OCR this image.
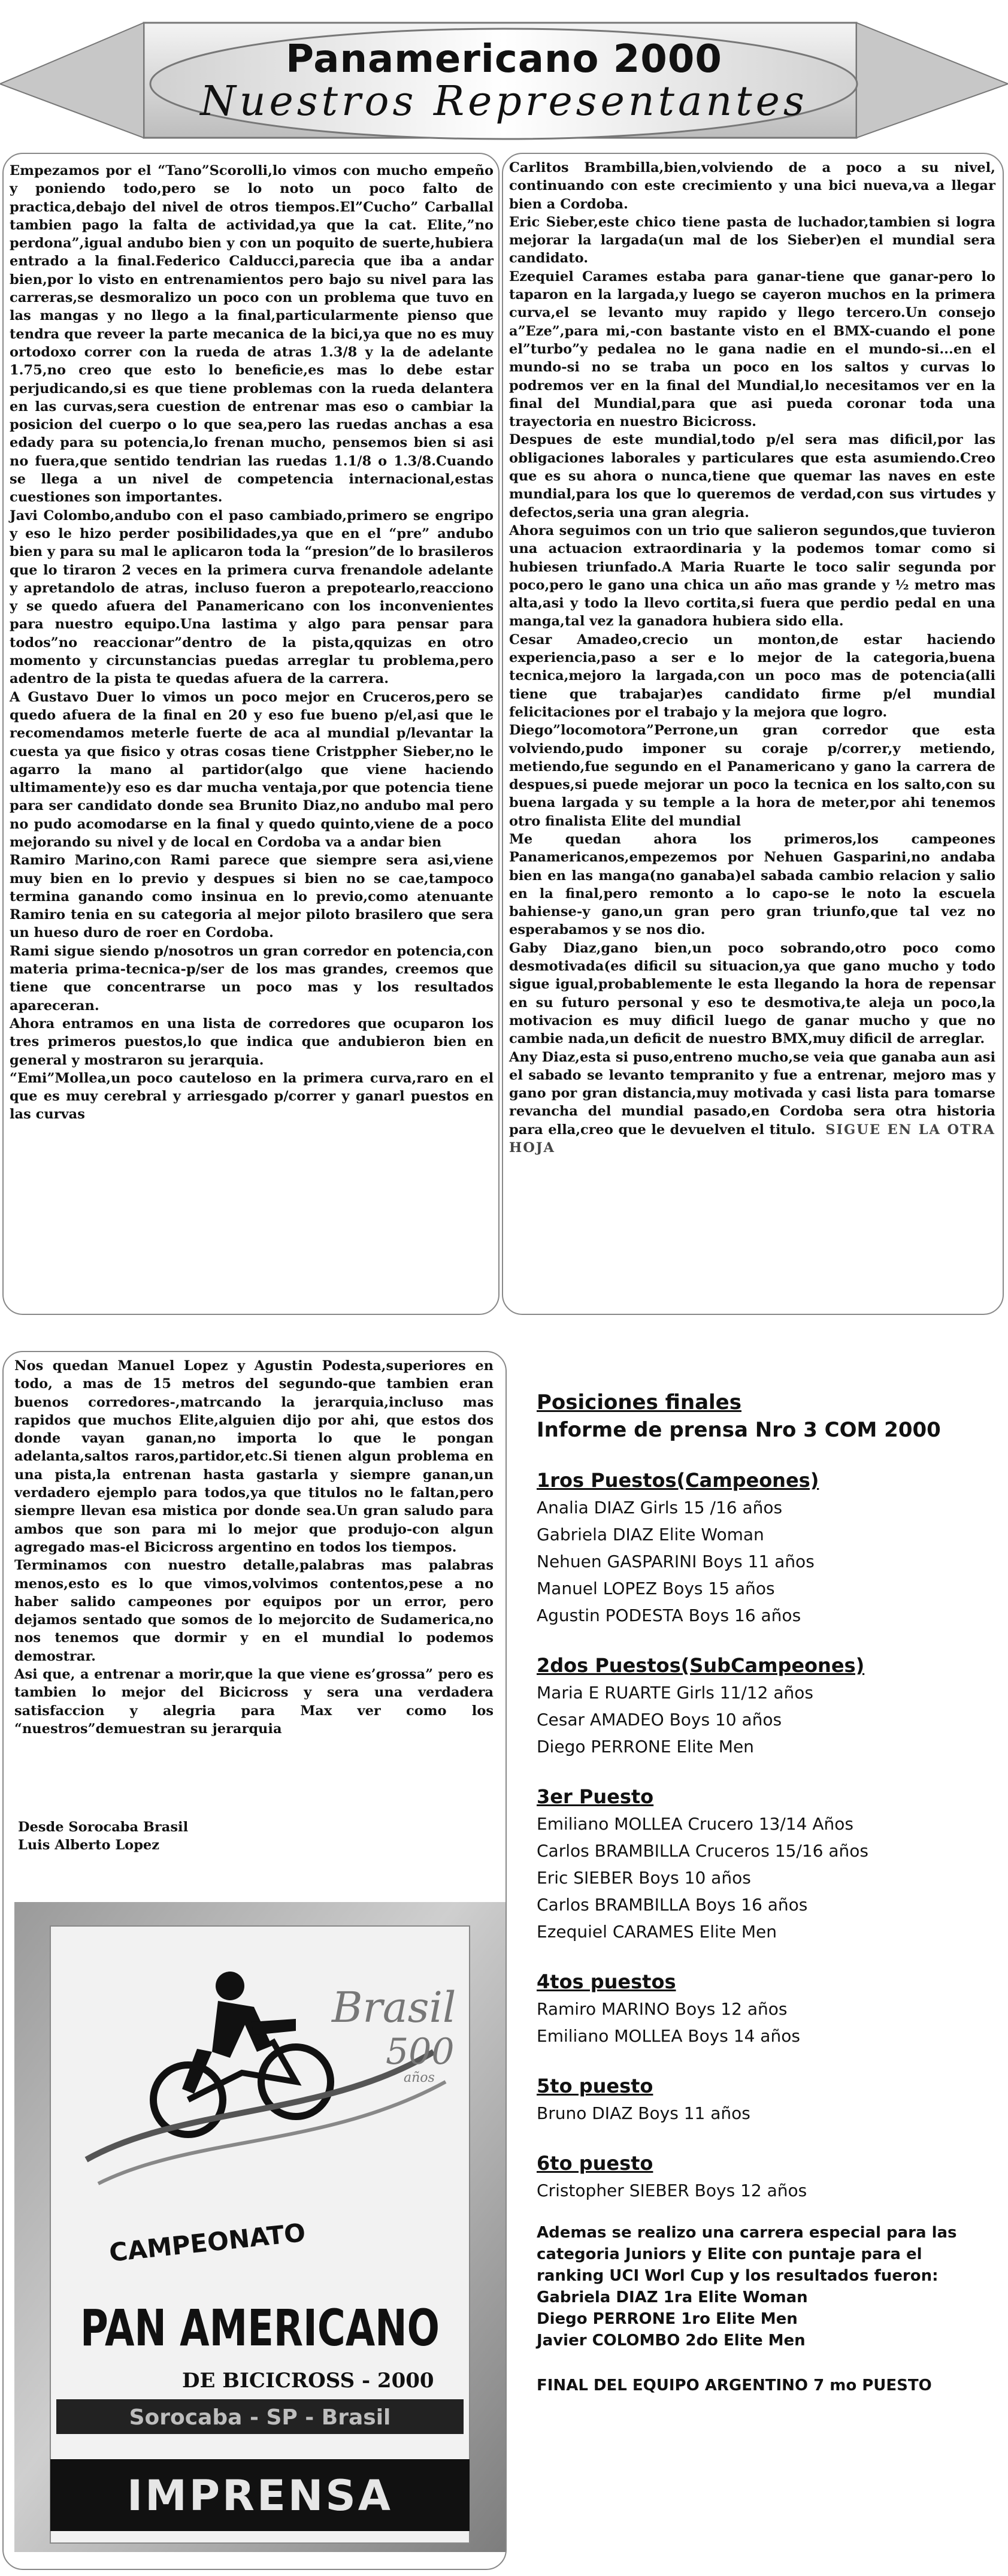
Panamericano 2000
Nuestros Representantes

Empezamos por el “Tano”Scorolli,lo vimos con mucho empeño y poniendo todo,pero se lo noto un poco falto de practica,debajo del nivel de otros tiempos.El”Cucho” Carballal tambien pago la falta de actividad,ya que la cat. Elite,”no perdona”,igual andubo bien y con un poquito de suerte,hubiera entrado a la final.Federico Calducci,parecia que iba a andar bien,por lo visto en entrenamientos pero bajo su nivel para las carreras,se desmoralizo un poco con un problema que tuvo en las mangas y no llego a la final,particularmente pienso que tendra que reveer la parte mecanica de la bici,ya que no es muy ortodoxo correr con la rueda de atras 1.3/8 y la de adelante 1.75,no creo que esto lo beneficie,es mas lo debe estar perjudicando,si es que tiene problemas con la rueda delantera en las curvas,sera cuestion de entrenar mas eso o cambiar la posicion del cuerpo o lo que sea,pero las ruedas anchas a esa edady para su potencia,lo frenan mucho, pensemos bien si asi no fuera,que sentido tendrian las ruedas 1.1/8 o 1.3/8.Cuando se llega a un nivel de competencia internacional,estas cuestiones son importantes.

Javi Colombo,andubo con el paso cambiado,primero se engripo y eso le hizo perder posibilidades,ya que en el “pre” andubo bien y para su mal le aplicaron toda la “presion”de lo brasileros que lo tiraron 2 veces en la primera curva frenandole adelante y apretandolo de atras, incluso fueron a prepotearlo,reacciono y se quedo afuera del Panamericano con los inconvenientes para nuestro equipo.Una lastima y algo para pensar para todos”no reaccionar”dentro de la pista,qquizas en otro momento y circunstancias puedas arreglar tu problema,pero adentro de la pista te quedas afuera de la carrera.

A Gustavo Duer lo vimos un poco mejor en Cruceros,pero se quedo afuera de la final en 20 y eso fue bueno p/el,asi que le recomendamos meterle fuerte de aca al mundial p/levantar la cuesta ya que fisico y otras cosas tiene Cristppher Sieber,no le agarro la mano al partidor(algo que viene haciendo ultimamente)y eso es dar mucha ventaja,por que potencia tiene para ser candidato donde sea Brunito Diaz,no andubo mal pero no pudo acomodarse en la final y quedo quinto,viene de a poco mejorando su nivel y de local en Cordoba va a andar bien

Ramiro Marino,con Rami parece que siempre sera asi,viene muy bien en lo previo y despues si bien no se cae,tampoco termina ganando como insinua en lo previo,como atenuante Ramiro tenia en su categoria al mejor piloto brasilero que sera un hueso duro de roer en Cordoba.

Rami sigue siendo p/nosotros un gran corredor en potencia,con materia prima-tecnica-p/ser de los mas grandes, creemos que tiene que concentrarse un poco mas y los resultados apareceran.

Ahora entramos en una lista de corredores que ocuparon los tres primeros puestos,lo que indica que andubieron bien en general y mostraron su jerarquia.

“Emi”Mollea,un poco cauteloso en la primera curva,raro en el que es muy cerebral y arriesgado p/correr y ganarl puestos en las curvas

Carlitos Brambilla,bien,volviendo de a poco a su nivel, continuando con este crecimiento y una bici nueva,va a llegar bien a Cordoba.

Eric Sieber,este chico tiene pasta de luchador,tambien si logra mejorar la largada(un mal de los Sieber)en el mundial sera candidato.

Ezequiel Carames estaba para ganar-tiene que ganar-pero lo taparon en la largada,y luego se cayeron muchos en la primera curva,el se levanto muy rapido y llego tercero.Un consejo a”Eze”,para mi,-con bastante visto en el BMX-cuando el pone el”turbo”y pedalea no le gana nadie en el mundo-si...en el mundo-si no se traba un poco en los saltos y curvas lo podremos ver en la final del Mundial,lo necesitamos ver en la final del Mundial,para que asi pueda coronar toda una trayectoria en nuestro Bicicross.

Despues de este mundial,todo p/el sera mas dificil,por las obligaciones laborales y particulares que esta asumiendo.Creo que es su ahora o nunca,tiene que quemar las naves en este mundial,para los que lo queremos de verdad,con sus virtudes y defectos,seria una gran alegria.

Ahora seguimos con un trio que salieron segundos,que tuvieron una actuacion extraordinaria y la podemos tomar como si hubiesen triunfado.A Maria Ruarte le toco salir segunda por poco,pero le gano una chica un año mas grande y ½ metro mas alta,asi y todo la llevo cortita,si fuera que perdio pedal en una manga,tal vez la ganadora hubiera sido ella.

Cesar Amadeo,crecio un monton,de estar haciendo experiencia,paso a ser e lo mejor de la categoria,buena tecnica,mejoro la largada,con un poco mas de potencia(alli tiene que trabajar)es candidato firme p/el mundial felicitaciones por el trabajo y la mejora que logro.

Diego”locomotora”Perrone,un gran corredor que esta volviendo,pudo imponer su coraje p/correr,y metiendo, metiendo,fue segundo en el Panamericano y gano la carrera de despues,si puede mejorar un poco la tecnica en los salto,con su buena largada y su temple a la hora de meter,por ahi tenemos otro finalista Elite del mundial

Me quedan ahora los primeros,los campeones Panamericanos,empezemos por Nehuen Gasparini,no andaba bien en las manga(no ganaba)el sabada cambio relacion y salio en la final,pero remonto a lo capo-se le noto la escuela bahiense-y gano,un gran pero gran triunfo,que tal vez no esperabamos y se nos dio.

Gaby Diaz,gano bien,un poco sobrando,otro poco como desmotivada(es dificil su situacion,ya que gano mucho y todo sigue igual,probablemente le esta llegando la hora de repensar en su futuro personal y eso te desmotiva,te aleja un poco,la motivacion es muy dificil luego de ganar mucho y que no cambie nada,un deficit de nuestro BMX,muy dificil de arreglar.

Any Diaz,esta si puso,entreno mucho,se veia que ganaba aun asi el sabado se levanto tempranito y fue a entrenar, mejoro mas y gano por gran distancia,muy motivada y casi lista para tomarse revancha del mundial pasado,en Cordoba sera otra historia para ella,creo que le devuelven el titulo. SIGUE EN LA OTRA HOJA

Nos quedan Manuel Lopez y Agustin Podesta,superiores en todo, a mas de 15 metros del segundo-que tambien eran buenos corredores-,matrcando la jerarquia,incluso mas rapidos que muchos Elite,alguien dijo por ahi, que estos dos donde vayan ganan,no importa lo que le pongan adelanta,saltos raros,partidor,etc.Si tienen algun problema en una pista,la entrenan hasta gastarla y siempre ganan,un verdadero ejemplo para todos,ya que titulos no le faltan,pero siempre llevan esa mistica por donde sea.Un gran saludo para ambos que son para mi lo mejor que produjo-con algun agregado mas-el Bicicross argentino en todos los tiempos.

Terminamos con nuestro detalle,palabras mas palabras menos,esto es lo que vimos,volvimos contentos,pese a no haber salido campeones por equipos por un error, pero dejamos sentado que somos de lo mejorcito de Sudamerica,no nos tenemos que dormir y en el mundial lo podemos demostrar.

Asi que, a entrenar a morir,que la que viene es’grossa” pero es tambien lo mejor del Bicicross y sera una verdadera satisfaccion y alegria para Max ver como los “nuestros”demuestran su jerarquia

Desde Sorocaba Brasil
Luis Alberto Lopez
Brasil
500
años
CAMPEONATO
PAN AMERICANO
DE BICICROSS - 2000
Sorocaba - SP - Brasil
IMPRENSA
Posiciones finales
Informe de prensa Nro 3 COM 2000
1ros Puestos(Campeones)
Analia DIAZ Girls 15 /16 años
Gabriela DIAZ Elite Woman
Nehuen GASPARINI Boys 11 años
Manuel LOPEZ Boys 15 años
Agustin PODESTA Boys 16 años
2dos Puestos(SubCampeones)
Maria E RUARTE Girls 11/12 años
Cesar AMADEO Boys 10 años
Diego PERRONE Elite Men
3er Puesto
Emiliano MOLLEA Crucero 13/14 Años
Carlos BRAMBILLA Cruceros 15/16 años
Eric SIEBER Boys 10 años
Carlos BRAMBILLA Boys 16 años
Ezequiel CARAMES Elite Men
4tos puestos
Ramiro MARINO Boys 12 años
Emiliano MOLLEA Boys 14 años
5to puesto
Bruno DIAZ Boys 11 años
6to puesto
Cristopher SIEBER Boys 12 años

Ademas se realizo una carrera especial para las categoria Juniors y Elite con puntaje para el ranking UCI Worl Cup y los resultados fueron:

Gabriela DIAZ 1ra Elite Woman

Diego PERRONE 1ro Elite Men

Javier COLOMBO 2do Elite Men

FINAL DEL EQUIPO ARGENTINO 7 mo PUESTO
